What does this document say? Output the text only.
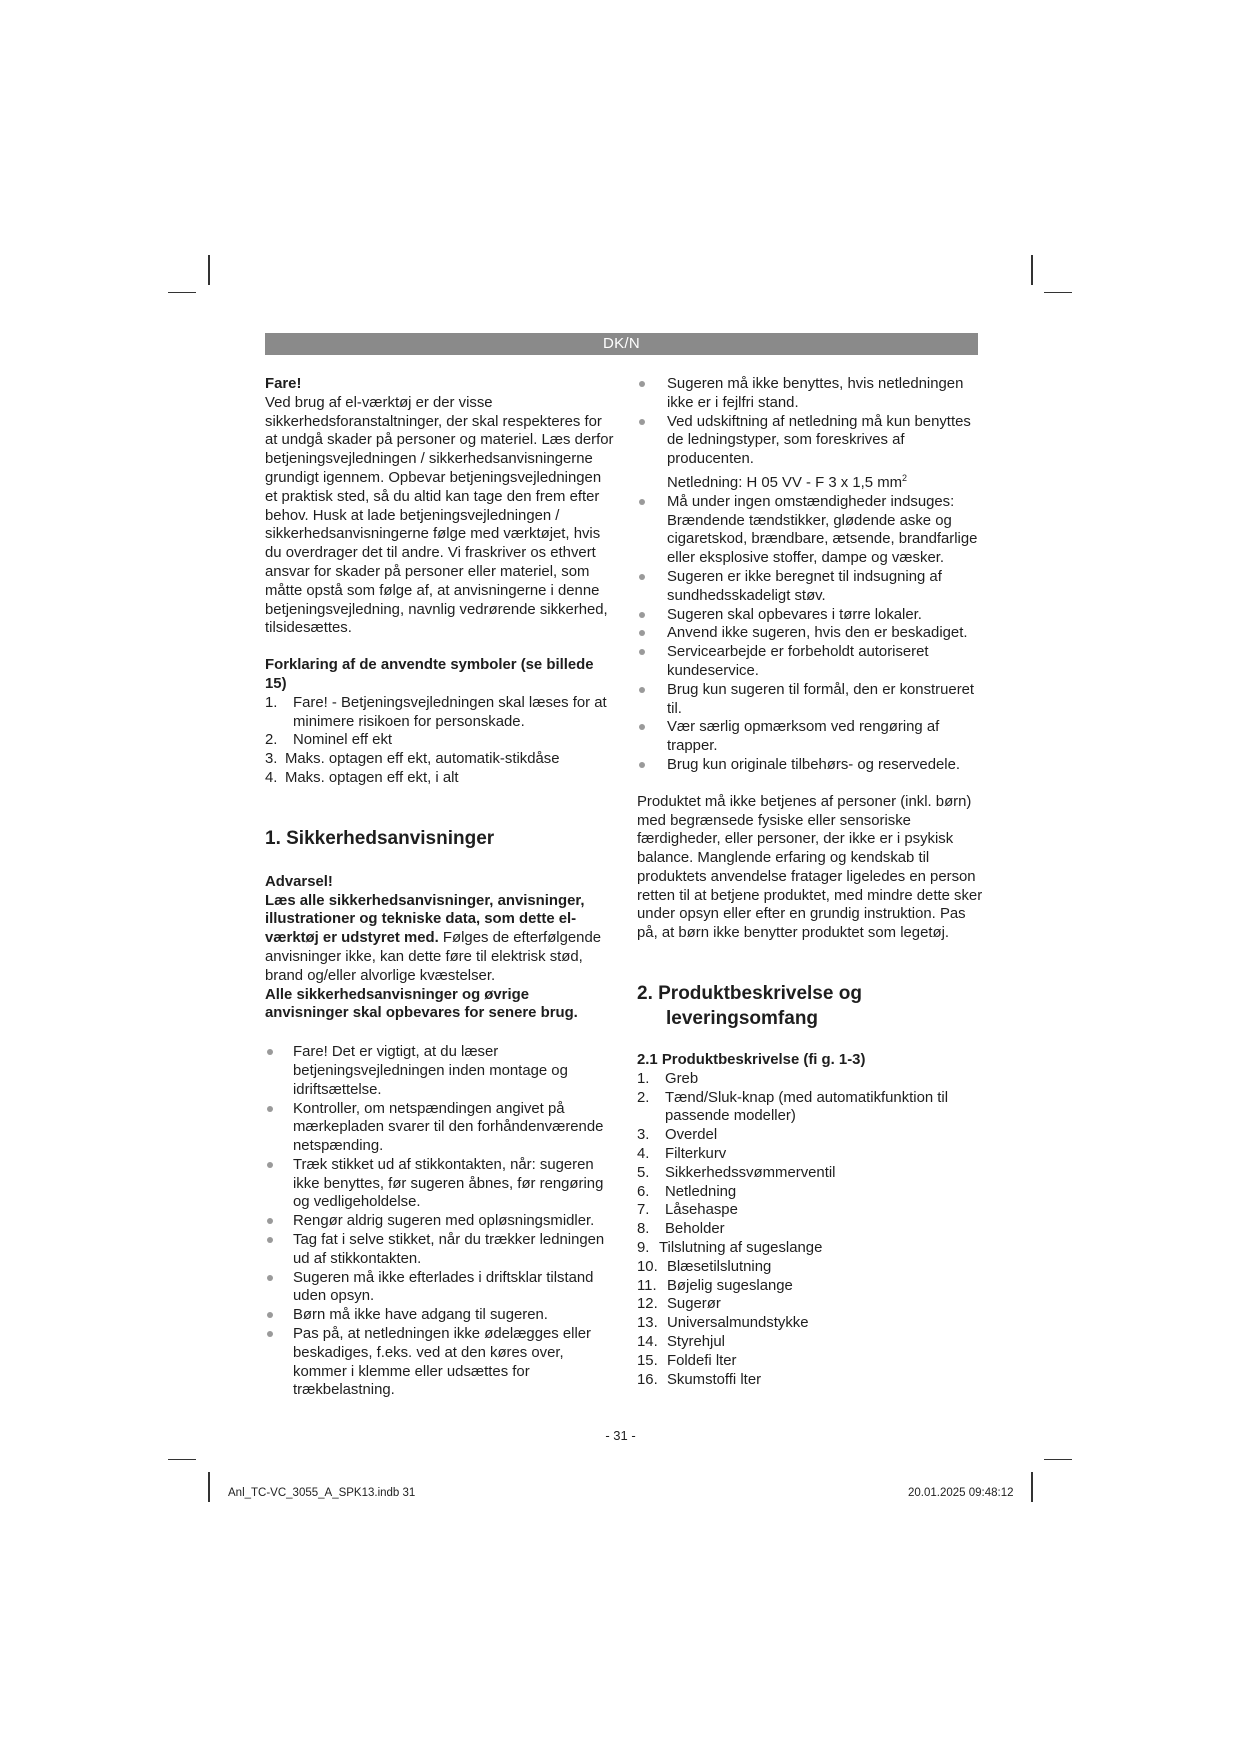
DK/N

Fare!

Ved brug af el-værktøj er der visse sikkerhedsforanstaltninger, der skal respekteres for at undgå skader på personer og materiel. Læs derfor betjeningsvejledningen / sikkerhedsanvisningerne grundigt igennem. Opbevar betjeningsvejledningen et praktisk sted, så du altid kan tage den frem efter behov. Husk at lade betjeningsvejledningen / sikkerhedsanvisningerne følge med værktøjet, hvis du overdrager det til andre. Vi fraskriver os ethvert ansvar for skader på personer eller materiel, som måtte opstå som følge af, at anvisningerne i denne betjeningsvejledning, navnlig vedrørende sikkerhed, tilsidesættes.

Forklaring af de anvendte symboler (se billede 15)

1. Fare! - Betjeningsvejledningen skal læses for at minimere risikoen for personskade.
2. Nominel eff ekt
3. Maks. optagen eff ekt, automatik-stikdåse
4. Maks. optagen eff ekt, i alt

1. Sikkerhedsanvisninger

Advarsel!

Læs alle sikkerhedsanvisninger, anvisninger, illustrationer og tekniske data, som dette el-værktøj er udstyret med. Følges de efterfølgende anvisninger ikke, kan dette føre til elektrisk stød, brand og/eller alvorlige kvæstelser.

Alle sikkerhedsanvisninger og øvrige anvisninger skal opbevares for senere brug.

Fare! Det er vigtigt, at du læser betjeningsvejledningen inden montage og idriftsættelse.
Kontroller, om netspændingen angivet på mærkepladen svarer til den forhåndenværende netspænding.
Træk stikket ud af stikkontakten, når: sugeren ikke benyttes, før sugeren åbnes, før rengøring og vedligeholdelse.
Rengør aldrig sugeren med opløsningsmidler.
Tag fat i selve stikket, når du trækker ledningen ud af stikkontakten.
Sugeren må ikke efterlades i driftsklar tilstand uden opsyn.
Børn må ikke have adgang til sugeren.
Pas på, at netledningen ikke ødelægges eller beskadiges, f.eks. ved at den køres over, kommer i klemme eller udsættes for trækbelastning.
Sugeren må ikke benyttes, hvis netledningen ikke er i fejlfri stand.
Ved udskiftning af netledning må kun benyttes de ledningstyper, som foreskrives af producenten.
Netledning: H 05 VV - F 3 x 1,5 $mm^2$
Må under ingen omstændigheder indsuges: Brændende tændstikker, glødende aske og cigaretskod, brændbare, ætsende, brandfarlige eller eksplosive stoffer, dampe og væsker.
Sugeren er ikke beregnet til indsugning af sundhedsskadeligt støv.
Sugeren skal opbevares i tørre lokaler.
Anvend ikke sugeren, hvis den er beskadiget.
Servicearbejde er forbeholdt autoriseret kundeservice.
Brug kun sugeren til formål, den er konstrueret til.
Vær særlig opmærksom ved rengøring af trapper.
Brug kun originale tilbehørs- og reservedele.

Produktet må ikke betjenes af personer (inkl. børn) med begrænsede fysiske eller sensoriske færdigheder, eller personer, der ikke er i psykisk balance. Manglende erfaring og kendskab til produktets anvendelse fratager ligeledes en person retten til at betjene produktet, med mindre dette sker under opsyn eller efter en grundig instruktion. Pas på, at børn ikke benytter produktet som legetøj.

2. Produktbeskrivelse og leveringsomfang

2.1 Produktbeskrivelse (fi g. 1-3)

1. Greb
2. Tænd/Sluk-knap (med automatikfunktion til passende modeller)
3. Overdel
4. Filterkurv
5. Sikkerhedssvømmerventil
6. Netledning
7. Låsehaspe
8. Beholder
9. Tilslutning af sugeslange
10. Blæsetilslutning
11. Bøjelig sugeslange
12. Sugerør
13. Universalmundstykke
14. Styrehjul
15. Foldefi lter
16. Skumstoffi lter
- 31 -
Anl_TC-VC_3055_A_SPK13.indb 31	20.01.2025 09:48:12
